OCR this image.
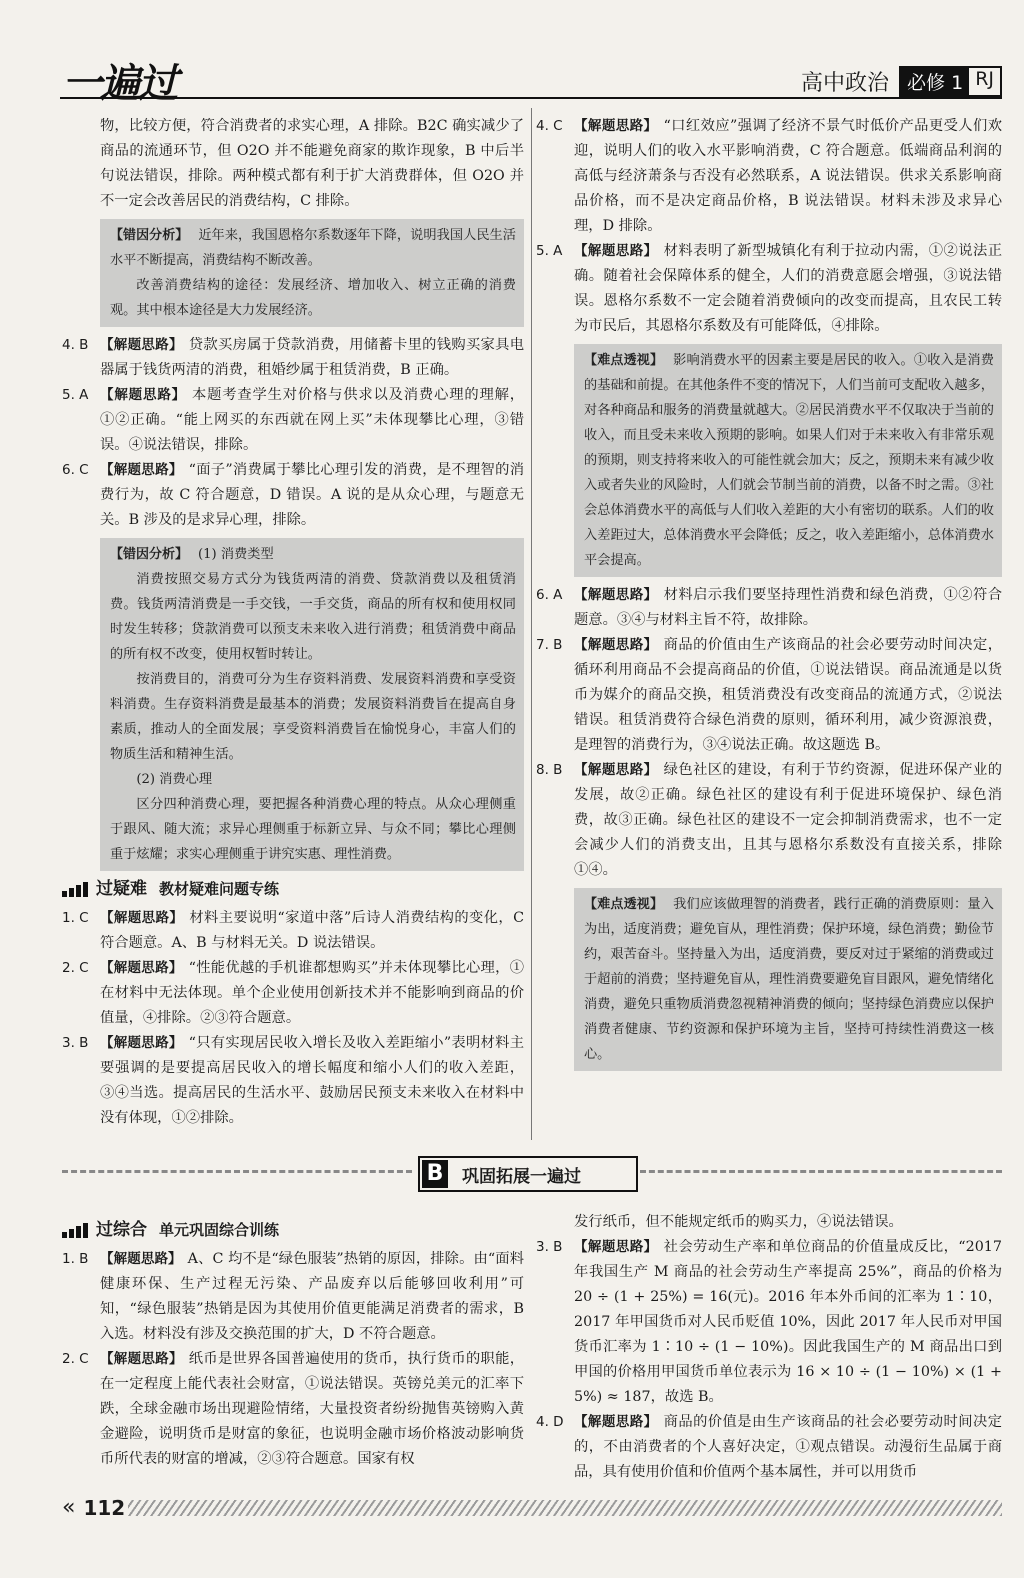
一遍过	高中政治 必修 1 RJ
物，比较方便，符合消费者的求实心理，A 排除。B2C 确实减少了商品的流通环节，但 O2O 并不能避免商家的欺诈现象，B 中后半句说法错误，排除。两种模式都有利于扩大消费群体，但 O2O 并不一定会改善居民的消费结构，C 排除。

【错因分析】 近年来，我国恩格尔系数逐年下降，说明我国人民生活水平不断提高，消费结构不断改善。

改善消费结构的途径：发展经济、增加收入、树立正确的消费观。其中根本途径是大力发展经济。

4. B 【解题思路】 贷款买房属于贷款消费，用储蓄卡里的钱购买家具电器属于钱货两清的消费，租婚纱属于租赁消费，B 正确。
5. A 【解题思路】 本题考查学生对价格与供求以及消费心理的理解，①②正确。“能上网买的东西就在网上买”未体现攀比心理，③错误。④说法错误，排除。
6. C 【解题思路】 “面子”消费属于攀比心理引发的消费，是不理智的消费行为，故 C 符合题意，D 错误。A 说的是从众心理，与题意无关。B 涉及的是求异心理，排除。

【错因分析】 (1) 消费类型

消费按照交易方式分为钱货两清的消费、贷款消费以及租赁消费。钱货两清消费是一手交钱，一手交货，商品的所有权和使用权同时发生转移；贷款消费可以预支未来收入进行消费；租赁消费中商品的所有权不改变，使用权暂时转让。

按消费目的，消费可分为生存资料消费、发展资料消费和享受资料消费。生存资料消费是最基本的消费；发展资料消费旨在提高自身素质，推动人的全面发展；享受资料消费旨在愉悦身心，丰富人们的物质生活和精神生活。

(2) 消费心理

区分四种消费心理，要把握各种消费心理的特点。从众心理侧重于跟风、随大流；求异心理侧重于标新立异、与众不同；攀比心理侧重于炫耀；求实心理侧重于讲究实惠、理性消费。

过疑难 教材疑难问题专练
1. C 【解题思路】 材料主要说明“家道中落”后诗人消费结构的变化，C 符合题意。A、B 与材料无关。D 说法错误。
2. C 【解题思路】 “性能优越的手机谁都想购买”并未体现攀比心理，①在材料中无法体现。单个企业使用创新技术并不能影响到商品的价值量，④排除。②③符合题意。
3. B 【解题思路】 “只有实现居民收入增长及收入差距缩小”表明材料主要强调的是要提高居民收入的增长幅度和缩小人们的收入差距，③④当选。提高居民的生活水平、鼓励居民预支未来收入在材料中没有体现，①②排除。
4. C 【解题思路】 “口红效应”强调了经济不景气时低价产品更受人们欢迎，说明人们的收入水平影响消费，C 符合题意。低端商品利润的高低与经济萧条与否没有必然联系，A 说法错误。供求关系影响商品价格，而不是决定商品价格，B 说法错误。材料未涉及求异心理，D 排除。
5. A 【解题思路】 材料表明了新型城镇化有利于拉动内需，①②说法正确。随着社会保障体系的健全，人们的消费意愿会增强，③说法错误。恩格尔系数不一定会随着消费倾向的改变而提高，且农民工转为市民后，其恩格尔系数及有可能降低，④排除。

【难点透视】 影响消费水平的因素主要是居民的收入。①收入是消费的基础和前提。在其他条件不变的情况下，人们当前可支配收入越多，对各种商品和服务的消费量就越大。②居民消费水平不仅取决于当前的收入，而且受未来收入预期的影响。如果人们对于未来收入有非常乐观的预期，则支持将来收入的可能性就会加大；反之，预期未来有减少收入或者失业的风险时，人们就会节制当前的消费，以备不时之需。③社会总体消费水平的高低与人们收入差距的大小有密切的联系。人们的收入差距过大，总体消费水平会降低；反之，收入差距缩小，总体消费水平会提高。

6. A 【解题思路】 材料启示我们要坚持理性消费和绿色消费，①②符合题意。③④与材料主旨不符，故排除。
7. B 【解题思路】 商品的价值由生产该商品的社会必要劳动时间决定，循环利用商品不会提高商品的价值，①说法错误。商品流通是以货币为媒介的商品交换，租赁消费没有改变商品的流通方式，②说法错误。租赁消费符合绿色消费的原则，循环利用，减少资源浪费，是理智的消费行为，③④说法正确。故这题选 B。
8. B 【解题思路】 绿色社区的建设，有利于节约资源，促进环保产业的发展，故②正确。绿色社区的建设有利于促进环境保护、绿色消费，故③正确。绿色社区的建设不一定会抑制消费需求，也不一定会减少人们的消费支出，且其与恩格尔系数没有直接关系，排除①④。

【难点透视】 我们应该做理智的消费者，践行正确的消费原则：量入为出，适度消费；避免盲从，理性消费；保护环境，绿色消费；勤俭节约，艰苦奋斗。坚持量入为出，适度消费，要反对过于紧缩的消费或过于超前的消费；坚持避免盲从，理性消费要避免盲目跟风，避免情绪化消费，避免只重物质消费忽视精神消费的倾向；坚持绿色消费应以保护消费者健康、节约资源和保护环境为主旨，坚持可持续性消费这一核心。

B 巩固拓展一遍过
过综合 单元巩固综合训练
1. B 【解题思路】 A、C 均不是“绿色服装”热销的原因，排除。由“面料健康环保、生产过程无污染、产品废弃以后能够回收利用”可知，“绿色服装”热销是因为其使用价值更能满足消费者的需求，B 入选。材料没有涉及交换范围的扩大，D 不符合题意。
2. C 【解题思路】 纸币是世界各国普遍使用的货币，执行货币的职能，在一定程度上能代表社会财富，①说法错误。英镑兑美元的汇率下跌，全球金融市场出现避险情绪，大量投资者纷纷抛售英镑购入黄金避险，说明货币是财富的象征，也说明金融市场价格波动影响货币所代表的财富的增减，②③符合题意。国家有权
发行纸币，但不能规定纸币的购买力，④说法错误。
3. B 【解题思路】 社会劳动生产率和单位商品的价值量成反比，“2017 年我国生产 M 商品的社会劳动生产率提高 25%”，商品的价格为 20 ÷ (1 + 25%) = 16(元)。2016 年本外币间的汇率为 1∶10，2017 年甲国货币对人民币贬值 10%，因此 2017 年人民币对甲国货币汇率为 1∶10 ÷ (1 − 10%)。因此我国生产的 M 商品出口到甲国的价格用甲国货币单位表示为 16 × 10 ÷ (1 − 10%) × (1 + 5%) ≈ 187，故选 B。
4. D 【解题思路】 商品的价值是由生产该商品的社会必要劳动时间决定的，不由消费者的个人喜好决定，①观点错误。动漫衍生品属于商品，具有使用价值和价值两个基本属性，并可以用货币
« 112
